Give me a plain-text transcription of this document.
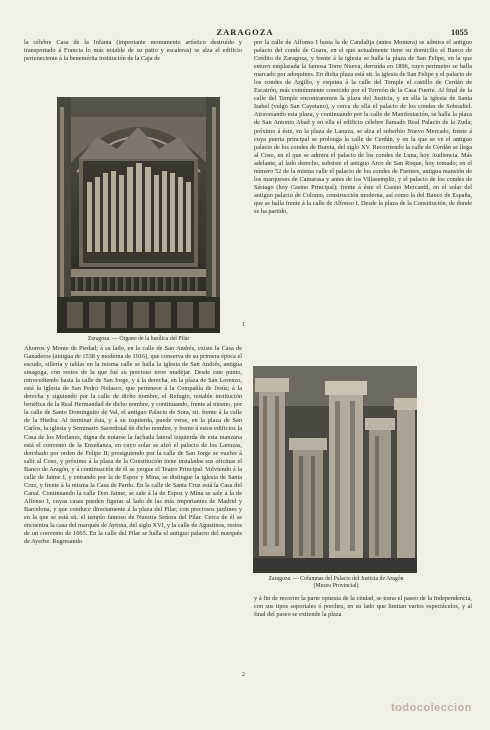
ZARAGOZA	1055

la célebre Casa de la Infanta (importante monumento artístico destruído y transportado á Francia lo más notable de su patio y escaleras) se alza el edificio perteneciente á la benemérita institución de la Caja de

Zaragoza. — Órgano de la basílica del Pilar

Ahorros y Monte de Piedad; á su lado, en la calle de San Andrés, existe la Casa de Ganaderos (antigua de 1538 y moderna de 1916), que conserva de su primera época el escudo, sillería y tablas en la misma calle se halla la iglesia de San Andrés, antigua sinagoga, con restos de la que fué su precioso torre mudéjar. Desde este punto, retrocediendo hasta la calle de San Jorge, y á la derecha, en la plaza de San Lorenzo, está la iglesia de San Pedro Nolasco, que pertenece á la Compañía de Jesús; á la derecha y siguiendo por la calle de dicho nombre, el Refugio, notable institución benéfica de la Real Hermandad de dicho nombre, y continuando, frente al mismo, por la calle de Santo Dominguito de Val, el antiguo Palacio de Sora, sit. frente á la calle de la Hiedra. Al terminar ésta, y á su izquierda, puede verse, en la plaza de San Carlos, la iglesia y Seminario Sacerdotal de dicho nombre, y frente á estos edificios la Casa de los Morlanes, digna de notarse la fachada lateral izquierda de esta manzana está el convento de la Enseñanza, en cuyo solar se alzó el palacio de los Lanuzas, derribado por orden de Felipe II; prosiguiendo por la calle de San Jorge se vuelve á salir al Coso, y próximo á la plaza de la Constitución tiene instaladas sus oficinas el Banco de Aragón, y á continuación de él se yergue el Teatro Principal. Volviendo á la calle de Jaime I, y entrando por la de Espoz y Mina, se distingue la iglesia de Santa Cruz, y frente á la misma la Casa de Pardo. En la calle de Santa Cruz está la Casa del Canal. Continuando la calle Don Jaime, se sale á la de Espoz y Mina se sale á la de Alfonso I, cuyas casas pueden figurar al lado de las más importantes de Madrid y Barcelona, y que conduce directamente á la plaza del Pilar, con preciosos jardines y en la que se está sit. el templo famoso de Nuestra Señora del Pilar. Cerca de él se encuentra la casa del marqués de Aytona, del siglo XVI, y la calle de Agustinos, restos de un convento de 1665. En la calle del Pilar se halla el antiguo palacio del marqués de Ayerbe. Regresando

por la calle de Alfonso I hasta la de Candalija (antes Montera) se admira el antiguo palacio del conde de Guara, en el que actualmente tiene su domicilio el Banco de Crédito de Zaragoza, y frente á la iglesia se halla la plaza de San Felipe, en la que estuvo emplazada la famosa Torre Nueva, derruída en 1896, cuyo perímetro se halla marcado por adoquines. En dicha plaza está sit. la iglesia de San Felipe y el palacio de los condes de Argillo, y esquina á la calle del Temple el castillo de Cerdán de Escatrón, más comúnmente conocido por el Torreón de la Casa Fuerte. Al final de la calle del Temple encontraremos la plaza del Justicia, y en ella la iglesia de Santa Isabel (vulgo San Cayetano), y cerca de ella el palacio de los condes de Sobradiel. Atravesando esta plaza, y continuando por la calle de Manifestación, se halla la plaza de San Antonio Abad y en ella el edificio célebre llamado Real Palacio de la Zuda; próximo á éste, en la plaza de Lanuza, se alza el soberbio Nuevo Mercado, frente á cuya puerta principal se prolonga la calle de Cerdán, y en la que se ve el antiguo palacio de los condes de Bureta, del siglo XV. Recorriendo la calle de Cerdán se llega al Coso, en el que se admira el palacio de los condes de Luna, hoy Audiencia. Más adelante, al lado derecho, subsiste el antiguo Arco de San Roque, hoy tomado; en el número 52 de la misma calle el palacio de los condes de Fuentes, antigua mansión de los marqueses de Camarasa y antes de los Villasempliz, y el palacio de los condes de Sástago (hoy Casino Principal); frente á éste el Casino Mercantil, en el solar del antiguo palacio de Colomo, construcción moderna, así como la del Banco de España, que se halla frente á la calle de Alfonso I. Desde la plaza de la Constitución, de donde se ha partido,

Zaragoza. — Columnas del Palacio del Justicia de Aragón
(Museo Provincial)

y á fin de recorrer la parte opuesta de la ciudad, se toma el paseo de la Independencia, con sus tipos soportales ó porches, en su lado que limitan varios espectáculos, y al final del paseo se extiende la plaza

1
2
todocoleccion
